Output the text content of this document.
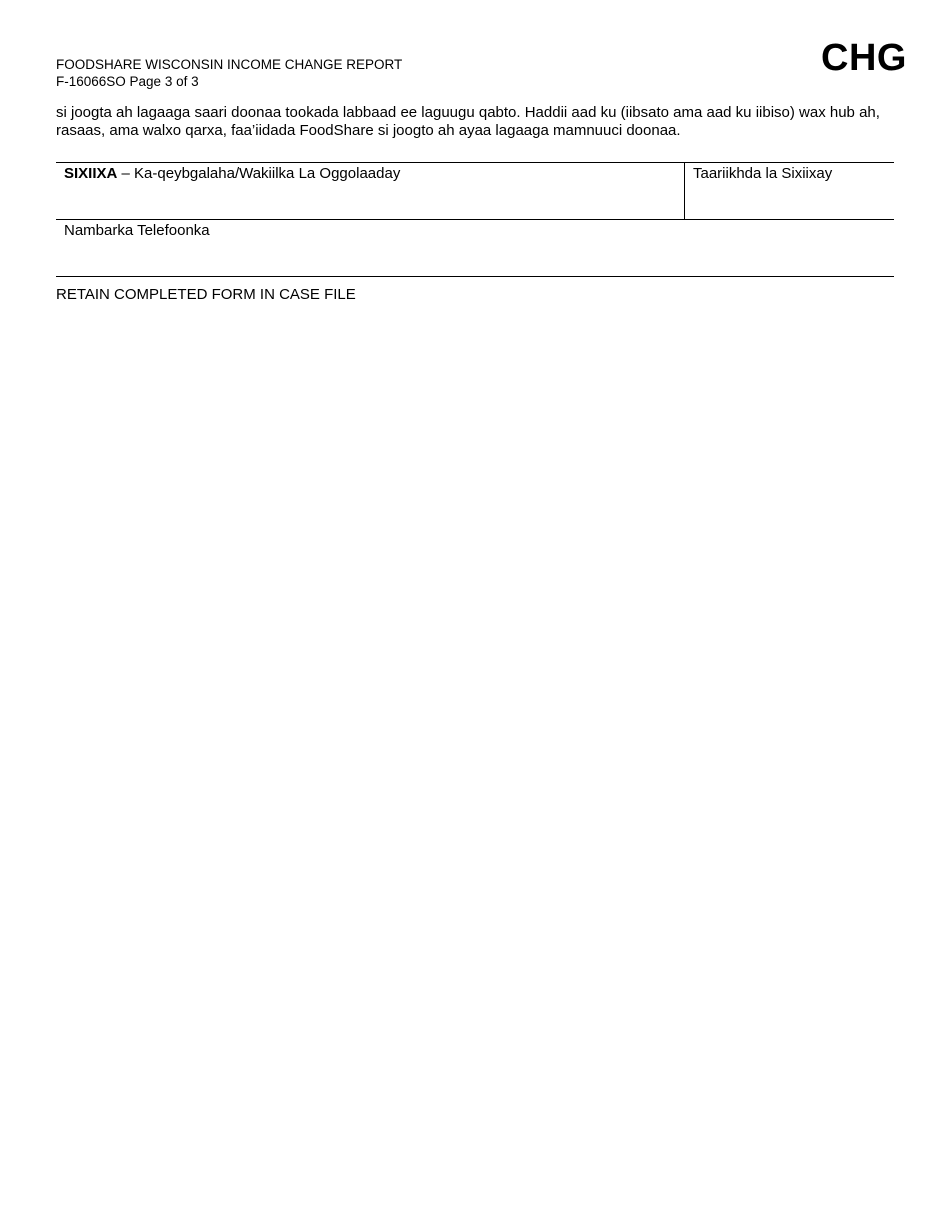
FOODSHARE WISCONSIN INCOME CHANGE REPORT
F-16066SO Page 3 of 3
CHG
si joogta ah lagaaga saari doonaa tookada labbaad ee laguugu qabto. Haddii aad ku (iibsato ama aad ku iibiso) wax hub ah, rasaas, ama walxo qarxa, faa’iidada FoodShare si joogto ah ayaa lagaaga mamnuuci doonaa.
SIXIIXA – Ka-qeybgalaha/Wakiilka La Oggolaaday	Taariikhda la Sixiixay
Nambarka Telefoonka
RETAIN COMPLETED FORM IN CASE FILE
